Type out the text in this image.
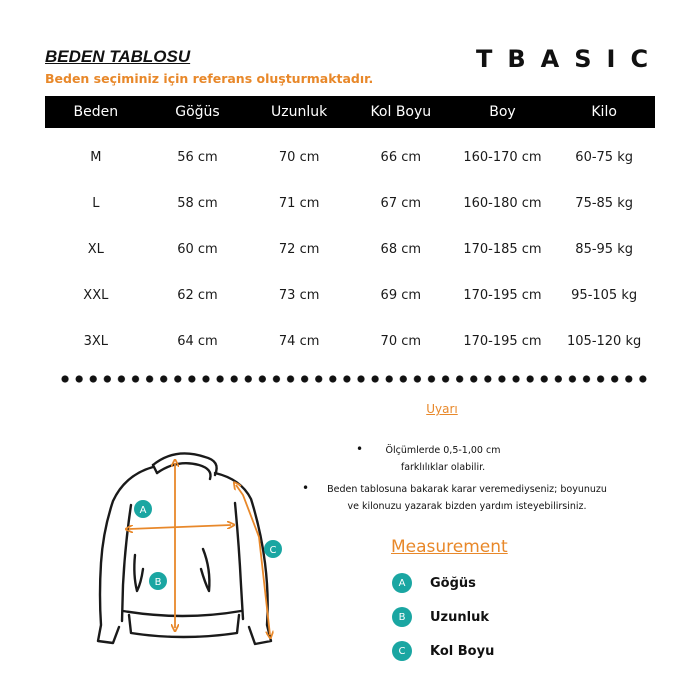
BEDEN TABLOSU
Beden seçiminiz için referans oluşturmaktadır.
TBASIC
Beden	Göğüs	Uzunluk	Kol Boyu	Boy	Kilo
M	56 cm	70 cm	66 cm	160-170 cm	60-75 kg
L	58 cm	71 cm	67 cm	160-180 cm	75-85 kg
XL	60 cm	72 cm	68 cm	170-185 cm	85-95 kg
XXL	62 cm	73 cm	69 cm	170-195 cm	95-105 kg
3XL	64 cm	74 cm	70 cm	170-195 cm	105-120 kg
Uyarı
•	Ölçümlerde 0,5-1,00 cm
farklılıklar olabilir.
•	Beden tablosuna bakarak karar veremediyseniz; boyunuzu
ve kilonuzu yazarak bizden yardım isteyebilirsiniz.
A
B
C	Measurement
A	Göğüs
B	Uzunluk
C	Kol Boyu
